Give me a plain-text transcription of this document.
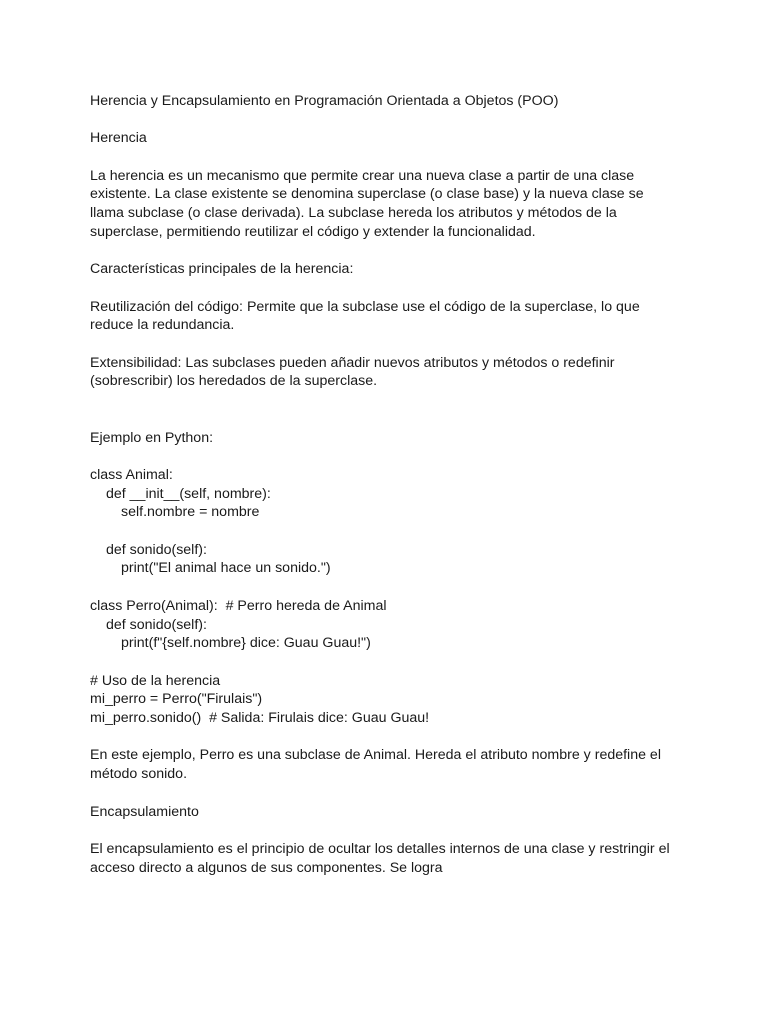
Herencia y Encapsulamiento en Programación Orientada a Objetos (POO)

Herencia

La herencia es un mecanismo que permite crear una nueva clase a partir de una clase existente. La clase existente se denomina superclase (o clase base) y la nueva clase se llama subclase (o clase derivada). La subclase hereda los atributos y métodos de la superclase, permitiendo reutilizar el código y extender la funcionalidad.

Características principales de la herencia:

Reutilización del código: Permite que la subclase use el código de la superclase, lo que reduce la redundancia.

Extensibilidad: Las subclases pueden añadir nuevos atributos y métodos o redefinir (sobrescribir) los heredados de la superclase.

Ejemplo en Python:

class Animal:
def __init__(self, nombre):
self.nombre = nombre
def sonido(self):
print("El animal hace un sonido.")
class Perro(Animal):  # Perro hereda de Animal
def sonido(self):
print(f"{self.nombre} dice: Guau Guau!")
# Uso de la herencia
mi_perro = Perro("Firulais")
mi_perro.sonido()  # Salida: Firulais dice: Guau Guau!

En este ejemplo, Perro es una subclase de Animal. Hereda el atributo nombre y redefine el método sonido.

Encapsulamiento

El encapsulamiento es el principio de ocultar los detalles internos de una clase y restringir el acceso directo a algunos de sus componentes. Se logra
